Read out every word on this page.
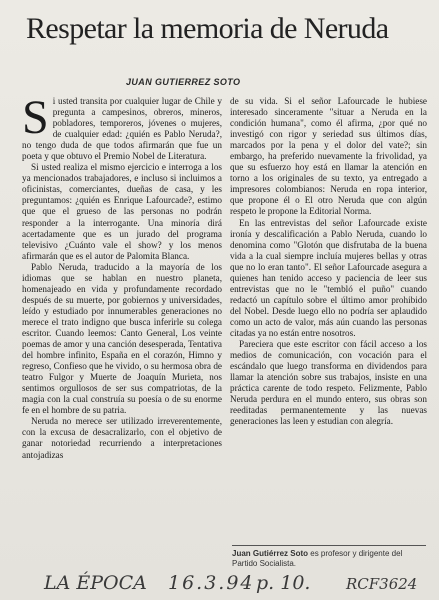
Respetar la memoria de Neruda
JUAN GUTIERREZ SOTO

Si usted transita por cualquier lugar de Chile y pregunta a campesinos, obreros, mineros, pobladores, temporeros, jóvenes o mujeres, de cualquier edad: ¿quién es Pablo Neruda?, no tengo duda de que todos afirmarán que fue un poeta y que obtuvo el Premio Nobel de Literatura.

Si usted realiza el mismo ejercicio e interroga a los ya mencionados trabajadores, e incluso si incluimos a oficinistas, comerciantes, dueñas de casa, y les preguntamos: ¿quién es Enrique Lafourcade?, estimo que que el grueso de las personas no podrán responder a la interrogante. Una minoría dirá acertadamente que es un jurado del programa televisivo ¿Cuánto vale el show? y los menos afirmarán que es el autor de Palomita Blanca.

Pablo Neruda, traducido a la mayoría de los idiomas que se hablan en nuestro planeta, homenajeado en vida y profundamente recordado después de su muerte, por gobiernos y universidades, leído y estudiado por innumerables generaciones no merece el trato indigno que busca inferirle su colega escritor. Cuando leemos: Canto General, Los veinte poemas de amor y una canción desesperada, Tentativa del hombre infinito, España en el corazón, Himno y regreso, Confieso que he vivido, o su hermosa obra de teatro Fulgor y Muerte de Joaquín Murieta, nos sentimos orgullosos de ser sus compatriotas, de la magia con la cual construía su poesía o de su enorme fe en el hombre de su patria.

Neruda no merece ser utilizado irreverentemente, con la excusa de desacralizarlo, con el objetivo de ganar notoriedad recurriendo a interpretaciones antojadizas

de su vida. Si el señor Lafourcade le hubiese interesado sinceramente "situar a Neruda en la condición humana", como él afirma, ¿por qué no investigó con rigor y seriedad sus últimos días, marcados por la pena y el dolor del vate?; sin embargo, ha preferido nuevamente la frivolidad, ya que su esfuerzo hoy está en llamar la atención en torno a los originales de su texto, ya entregado a impresores colombianos: Neruda en ropa interior, que propone él o El otro Neruda que con algún respeto le propone la Editorial Norma.

En las entrevistas del señor Lafourcade existe ironía y descalificación a Pablo Neruda, cuando lo denomina como "Glotón que disfrutaba de la buena vida a la cual siempre incluía mujeres bellas y otras que no lo eran tanto". El señor Lafourcade asegura a quienes han tenido acceso y paciencia de leer sus entrevistas que no le "tembló el puño" cuando redactó un capítulo sobre el último amor prohibido del Nobel. Desde luego ello no podría ser aplaudido como un acto de valor, más aún cuando las personas citadas ya no están entre nosotros.

Pareciera que este escritor con fácil acceso a los medios de comunicación, con vocación para el escándalo que luego transforma en dividendos para llamar la atención sobre sus trabajos, insiste en una práctica carente de todo respeto. Felizmente, Pablo Neruda perdura en el mundo entero, sus obras son reeditadas permanentemente y las nuevas generaciones las leen y estudian con alegría.

Juan Gutiérrez Soto es profesor y dirigente del Partido Socialista.
LA ÉPOCA 16.3.94 p. 10. RCF3624
